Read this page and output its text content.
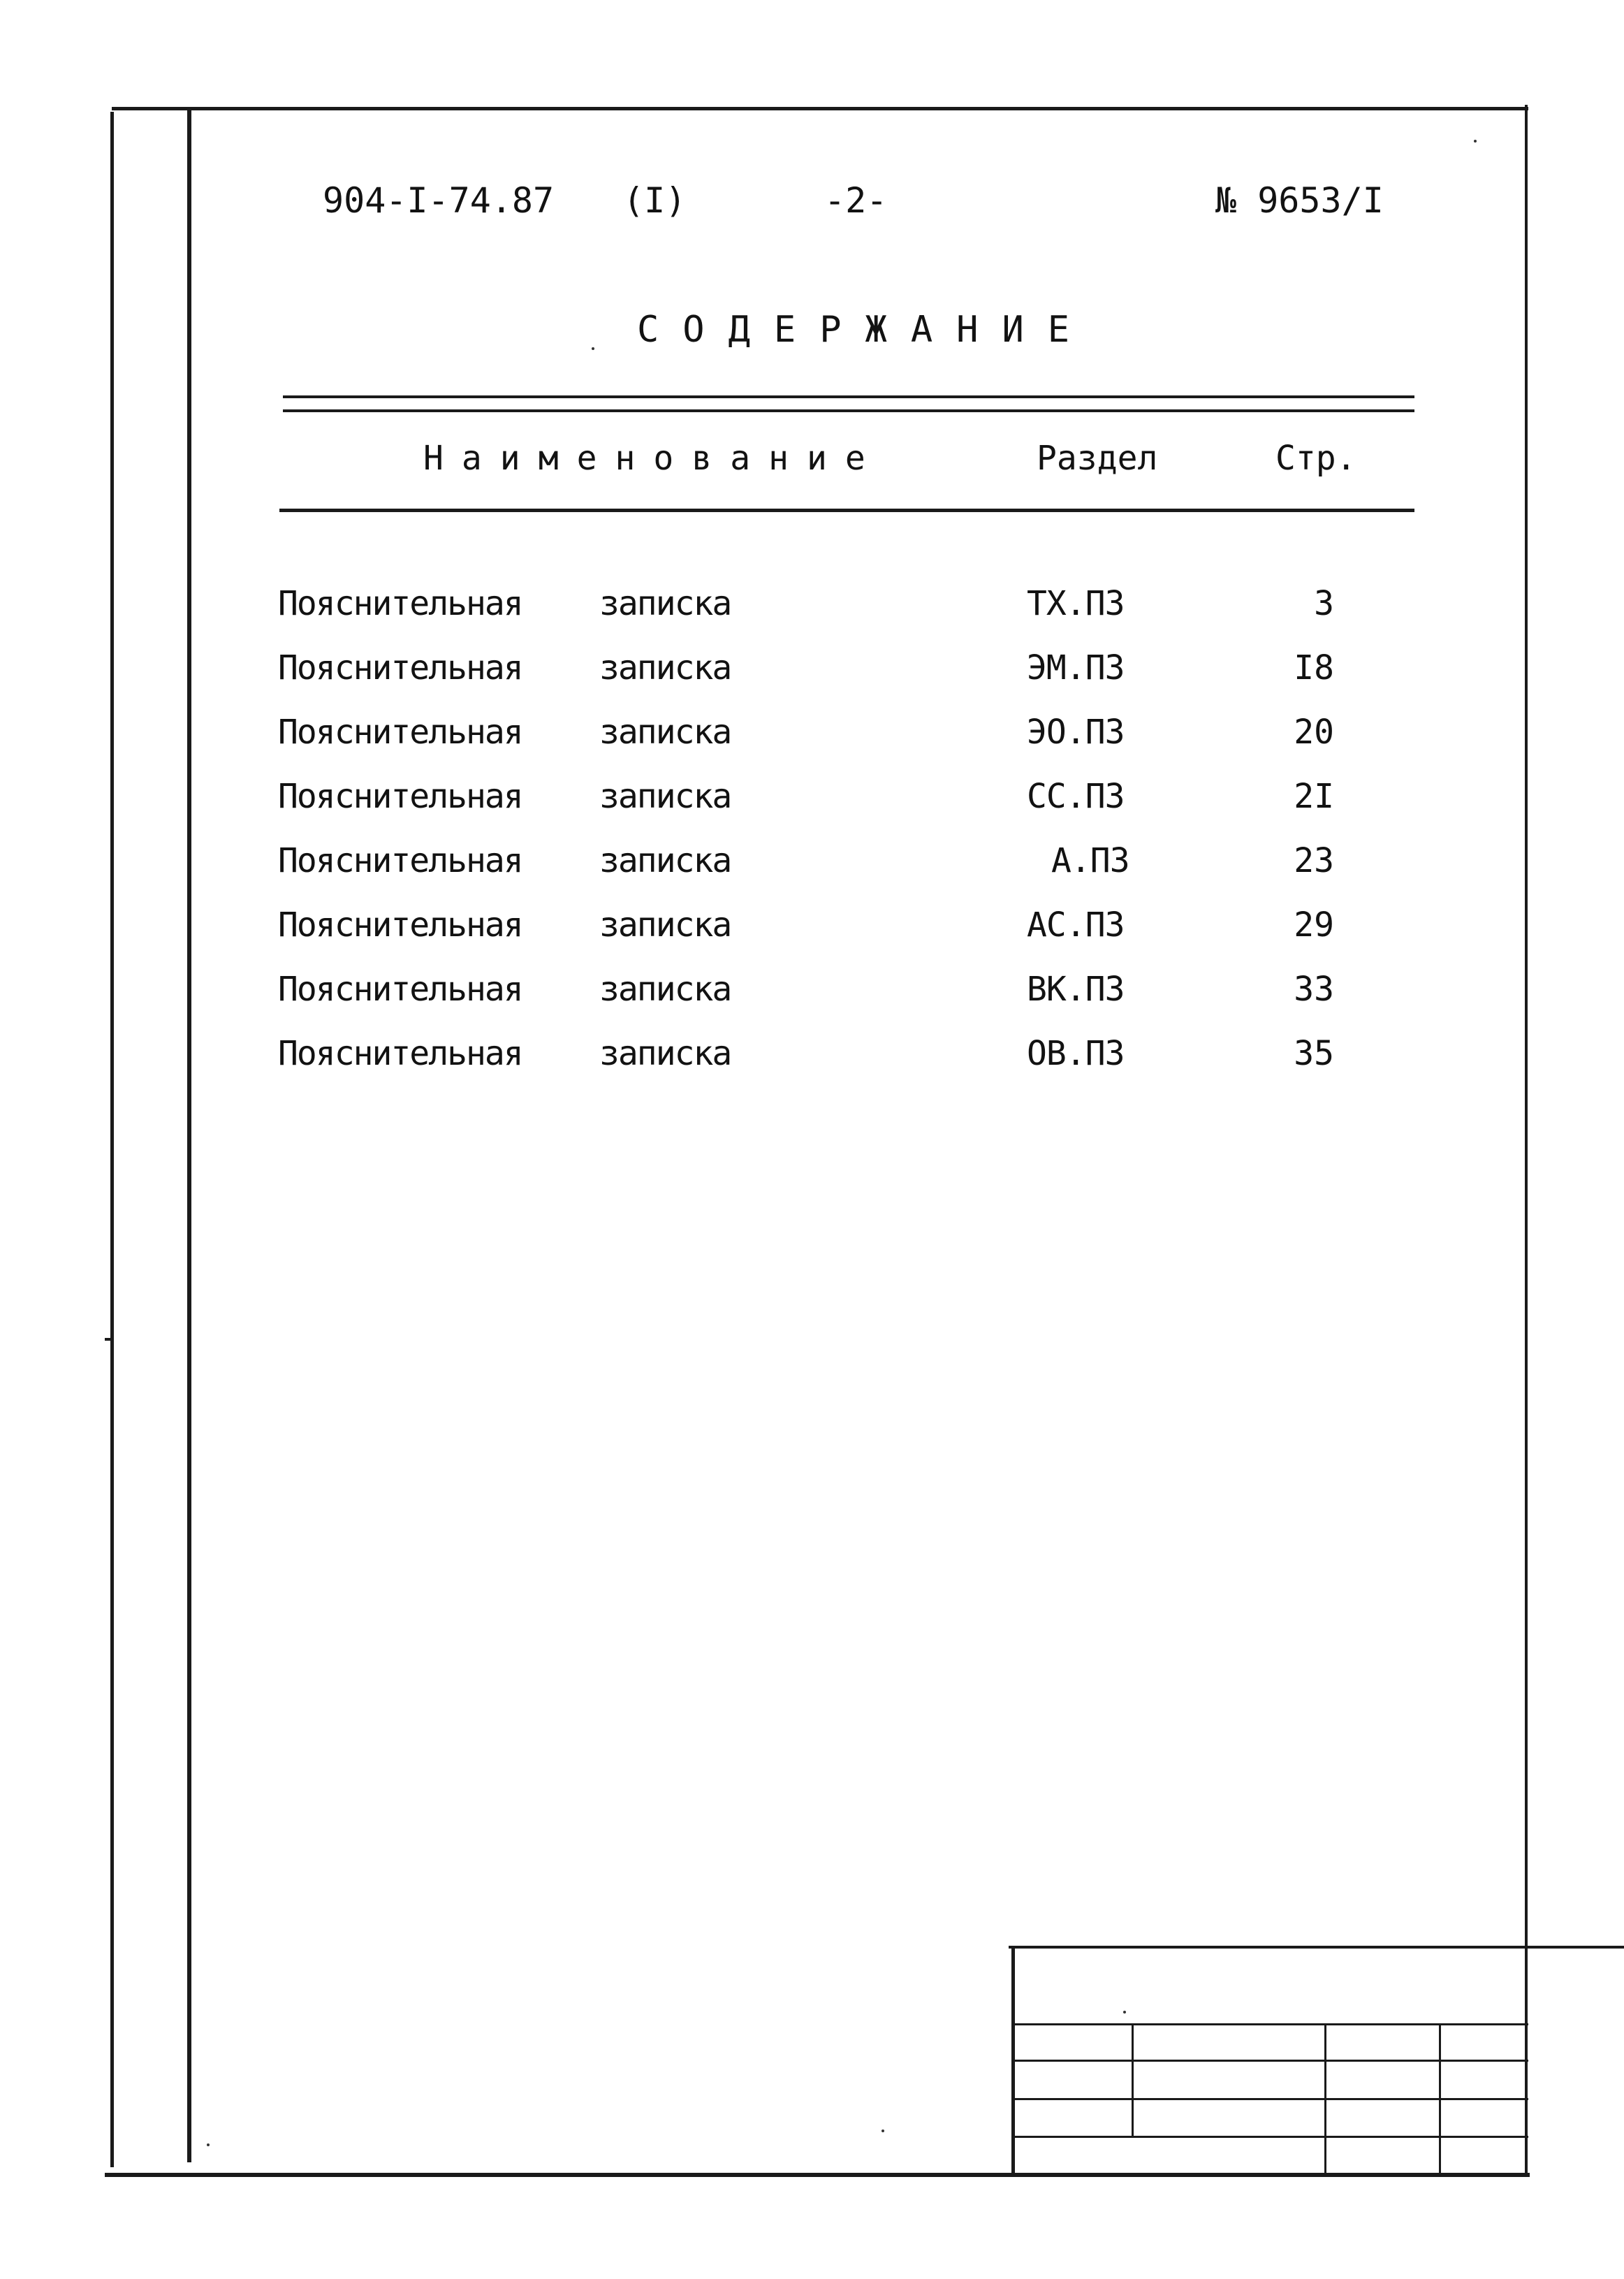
904-I-74.87 (I)	-2-	№ 9653/I
СОДЕРЖАНИЕ
Наименование	Раздел	Стр.
Пояснительная записка	ТХ.ПЗ	3
Пояснительная записка	ЭМ.ПЗ	I8
Пояснительная записка	ЭО.ПЗ	20
Пояснительная записка	СС.ПЗ	2I
Пояснительная записка	А.ПЗ	23
Пояснительная записка	АС.ПЗ	29
Пояснительная записка	ВК.ПЗ	33
Пояснительная записка	ОВ.ПЗ	35
